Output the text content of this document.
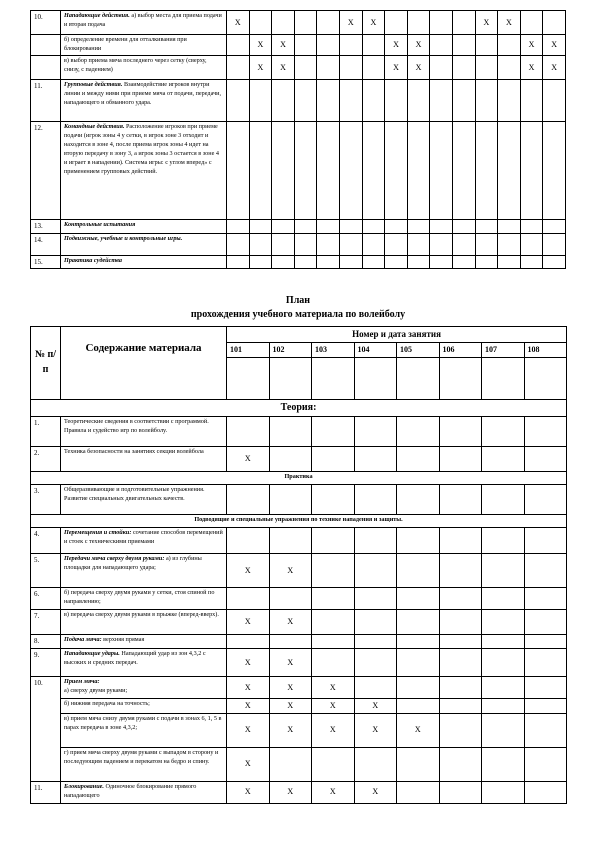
10.	Нападающие действия. а) выбор места для приема подачи и вторая подача	X					X	X					X	X		
	б) определение времени для отталкивания при блокировании		X	X					X	X					X	X
	в) выбор приема мяча последнего через сетку (сверху, снизу, с падением)		X	X					X	X					X	X
11.	Групповые действия. Взаимодействие игроков внутри линии и между ними при приеме мяча от подачи, передачи, нападающего и обманного удара.															
12.	Командные действия. Расположение игроков при приеме подачи (игрок зоны 4 у сетки, в игрок зоне 3 отходит и находится в зоне 4, после приема игрок зоны 4 идет на вторую передачу в зону 3, а игрок зоны 3 остается в зоне 4 и играет в нападении). Система игры: с углом вперед» с применением групповых действий.															
13.	Контрольные испытания															
14.	Подвижные, учебные и контрольные игры.															
15.	Практика судейства															
План
прохождения учебного материала по волейболу
№ п/ п	Содержание материала	Номер и дата занятия							
		101	102	103	104	105	106	107	108

Теория:									
1.	Теоретические сведения в соответствии с программой. Правила и судейство игр по волейболу.								
2.	Техника безопасности на занятиях секции волейбола	X							
Практика									
3.	Общеразвивающие и подготовительные упражнения. Развитие специальных двигательных качеств.								
Подводящие и специальные упражнения по технике нападения и защиты.									
4.	Перемещения и стойки: сочетание способов перемещений и стоек с техническими приемами								
5.	Передачи мяча сверху двумя руками: а) из глубины площадки для нападающего удара;	X	X						
6.	б) передача сверху двумя руками у сетки, стоя спиной по направлению;								
7.	в) передача сверху двумя руками в прыжке (вперед-вверх).	X	X						
8.	Подача мяча: верхняя прямая								
9.	Нападающие удары. Нападающий удар из зон 4,3,2 с высоких и средних передач.	X	X						
10.	Прием мяча:
а) сверху двумя руками;	X	X	X					

	б) нижняя передача на точность;	X	X	X	X				

	в) прием мяча снизу двумя руками с подачи в зонах 6, 1, 5 в парах передача в зоне 4,3,2;	X	X	X	X	X			

	г) прием мяча сверху двумя руками с выпадом в сторону и последующим падением и перекатом на бедро и спину.	X							
11.	Блокирование. Одиночное блокирование прямого нападающего	X	X	X	X				
